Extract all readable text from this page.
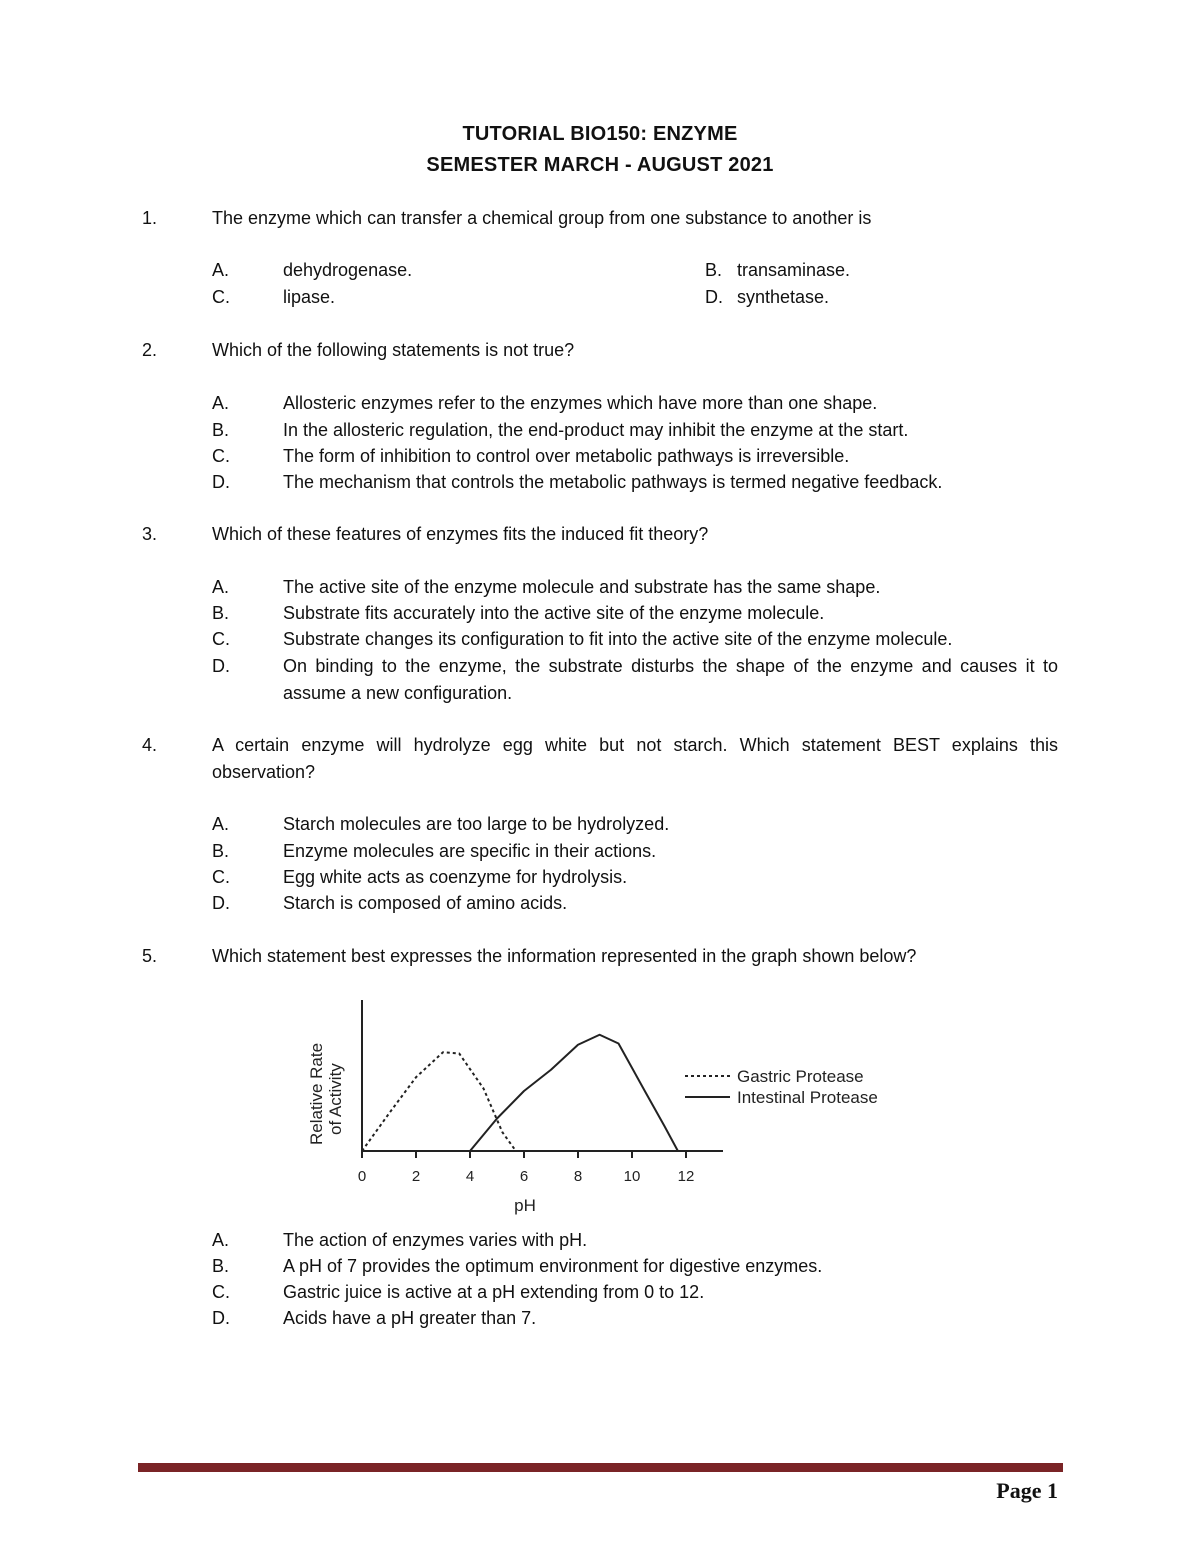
TUTORIAL BIO150: ENZYME
SEMESTER MARCH - AUGUST 2021
1.	The enzyme which can transfer a chemical group from one substance to another is
A.	dehydrogenase.	B. transaminase.
C.	lipase.	D. synthetase.
2.	Which of the following statements is not true?
A.	Allosteric enzymes refer to the enzymes which have more than one shape.
B.	In the allosteric regulation, the end-product may inhibit the enzyme at the start.
C.	The form of inhibition to control over metabolic pathways is irreversible.
D.	The mechanism that controls the metabolic pathways is termed negative feedback.
3.	Which of these features of enzymes fits the induced fit theory?
A.	The active site of the enzyme molecule and substrate has the same shape.
B.	Substrate fits accurately into the active site of the enzyme molecule.
C.	Substrate changes its configuration to fit into the active site of the enzyme molecule.
D.	On binding to the enzyme, the substrate disturbs the shape of the enzyme and causes it to assume a new configuration.
4.	A certain enzyme will hydrolyze egg white but not starch. Which statement BEST explains this observation?
A.	Starch molecules are too large to be hydrolyzed.
B.	Enzyme molecules are specific in their actions.
C.	Egg white acts as coenzyme for hydrolysis.
D.	Starch is composed of amino acids.
5.	Which statement best expresses the information represented in the graph shown below?
0	2	4	6	8	10 12
Relative Rate of Activity
pH
Gastric Protease
Intestinal Protease
A.	The action of enzymes varies with pH.
B.	A pH of 7 provides the optimum environment for digestive enzymes.
C.	Gastric juice is active at a pH extending from 0 to 12.
D.	Acids have a pH greater than 7.
Page 1
